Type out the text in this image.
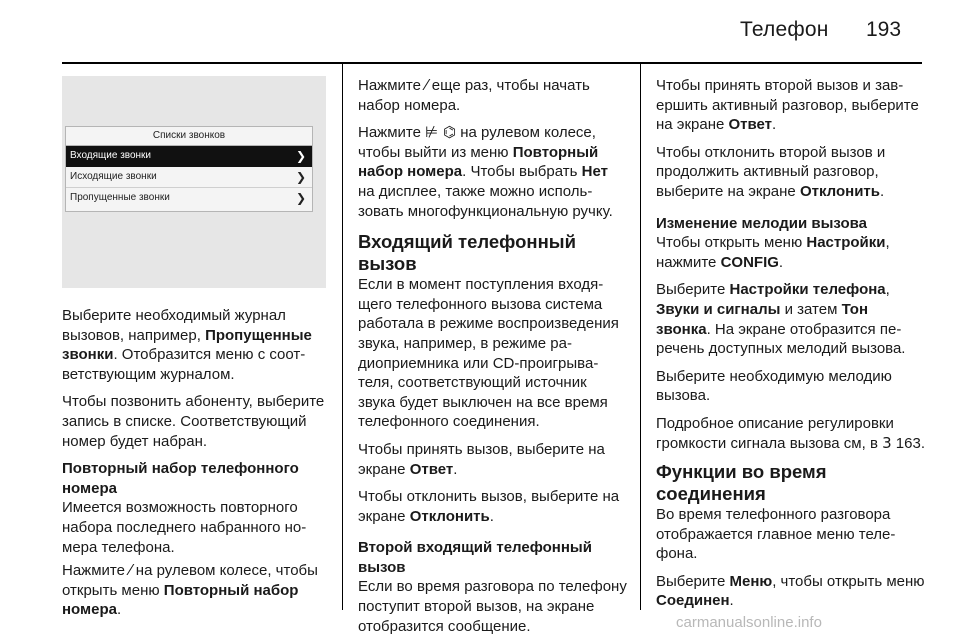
Телефон 193
Списки звонков
Входящие звонки	❯
Исходящие звонки	❯
Пропущенные звонки	❯

Выберите необходимый журнал вызовов, например, Пропущенные звонки. Отобразится меню с соответствующим журналом.

Чтобы позвонить абоненту, выберите запись в списке. Соответствующий номер будет набран.

Повторный набор телефонного номера

Имеется возможность повторного набора последнего набранного номера телефона.

Нажмите ⁄ на рулевом колесе, чтобы открыть меню Повторный набор номера.

Нажмите ⁄ еще раз, чтобы начать набор номера.

Нажмите ⊭ ⌬ на рулевом колесе, чтобы выйти из меню Повторный набор номера. Чтобы выбрать Нет на дисплее, также можно использовать многофункциональную ручку.

Входящий телефонный вызов

Если в момент поступления входящего телефонного вызова система работала в режиме воспроизведения звука, например, в режиме радиоприемника или CD-проигрывателя, соответствующий источник звука будет выключен на все время телефонного соединения.

Чтобы принять вызов, выберите на экране Ответ.

Чтобы отклонить вызов, выберите на экране Отклонить.

Второй входящий телефонный вызов

Если во время разговора по телефону поступит второй вызов, на экране отобразится сообщение.

Чтобы принять второй вызов и завершить активный разговор, выберите на экране Ответ.

Чтобы отклонить второй вызов и продолжить активный разговор, выберите на экране Отклонить.

Изменение мелодии вызова

Чтобы открыть меню Настройки, нажмите CONFIG.

Выберите Настройки телефона, Звуки и сигналы и затем Тон звонка. На экране отобразится перечень доступных мелодий вызова.

Выберите необходимую мелодию вызова.

Подробное описание регулировки громкости сигнала вызова см, в 3 163.

Функции во время соединения

Во время телефонного разговора отображается главное меню телефона.

Выберите Меню, чтобы открыть меню Соединен.

carmanualsonline.info
